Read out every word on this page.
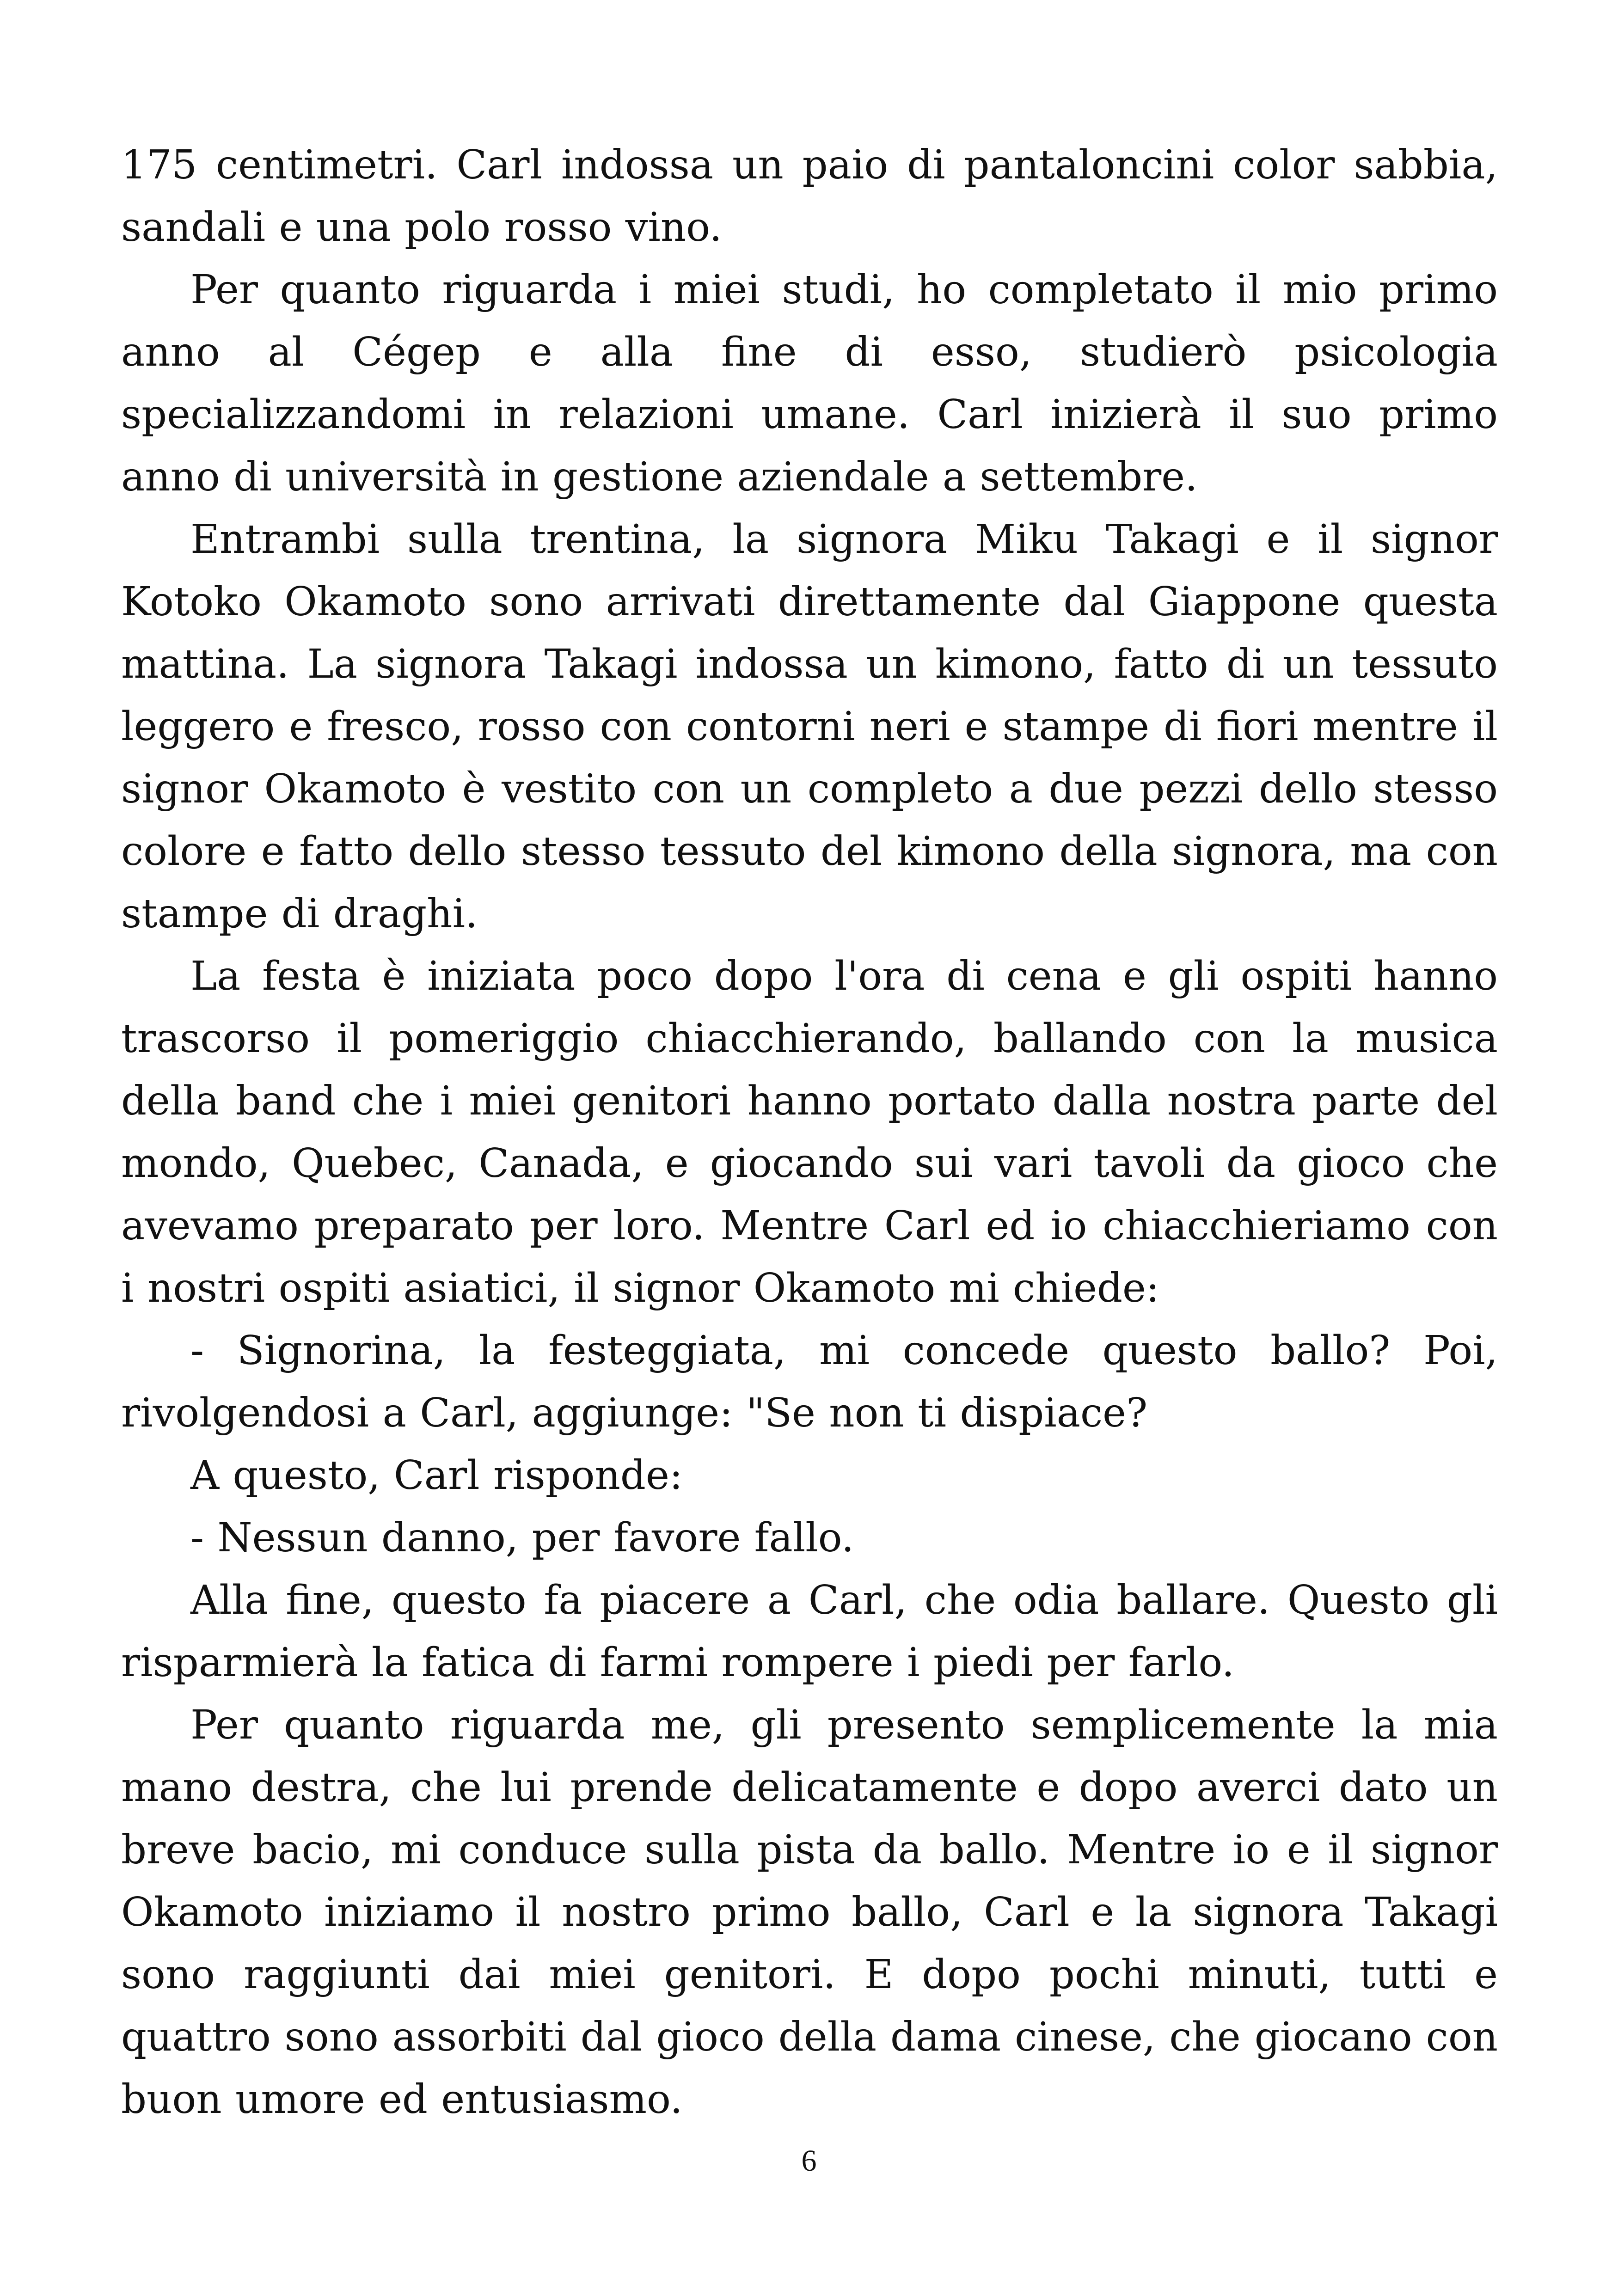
175 centimetri. Carl indossa un paio di pantaloncini color sabbia, sandali e una polo rosso vino.

Per quanto riguarda i miei studi, ho completato il mio primo anno al Cégep e alla fine di esso, studierò psicologia specializzandomi in relazioni umane. Carl inizierà il suo primo anno di università in gestione aziendale a settembre.

Entrambi sulla trentina, la signora Miku Takagi e il signor Kotoko Okamoto sono arrivati direttamente dal Giappone questa mattina. La signora Takagi indossa un kimono, fatto di un tessuto leggero e fresco, rosso con contorni neri e stampe di fiori mentre il signor Okamoto è vestito con un completo a due pezzi dello stesso colore e fatto dello stesso tessuto del kimono della signora, ma con stampe di draghi.

La festa è iniziata poco dopo l'ora di cena e gli ospiti hanno trascorso il pomeriggio chiacchierando, ballando con la musica della band che i miei genitori hanno portato dalla nostra parte del mondo, Quebec, Canada, e giocando sui vari tavoli da gioco che avevamo preparato per loro. Mentre Carl ed io chiacchieriamo con i nostri ospiti asiatici, il signor Okamoto mi chiede:

- Signorina, la festeggiata, mi concede questo ballo? Poi, rivolgendosi a Carl, aggiunge: "Se non ti dispiace?

A questo, Carl risponde:

- Nessun danno, per favore fallo.

Alla fine, questo fa piacere a Carl, che odia ballare. Questo gli risparmierà la fatica di farmi rompere i piedi per farlo.

Per quanto riguarda me, gli presento semplicemente la mia mano destra, che lui prende delicatamente e dopo averci dato un breve bacio, mi conduce sulla pista da ballo. Mentre io e il signor Okamoto iniziamo il nostro primo ballo, Carl e la signora Takagi sono raggiunti dai miei genitori. E dopo pochi minuti, tutti e quattro sono assorbiti dal gioco della dama cinese, che giocano con buon umore ed entusiasmo.

6
